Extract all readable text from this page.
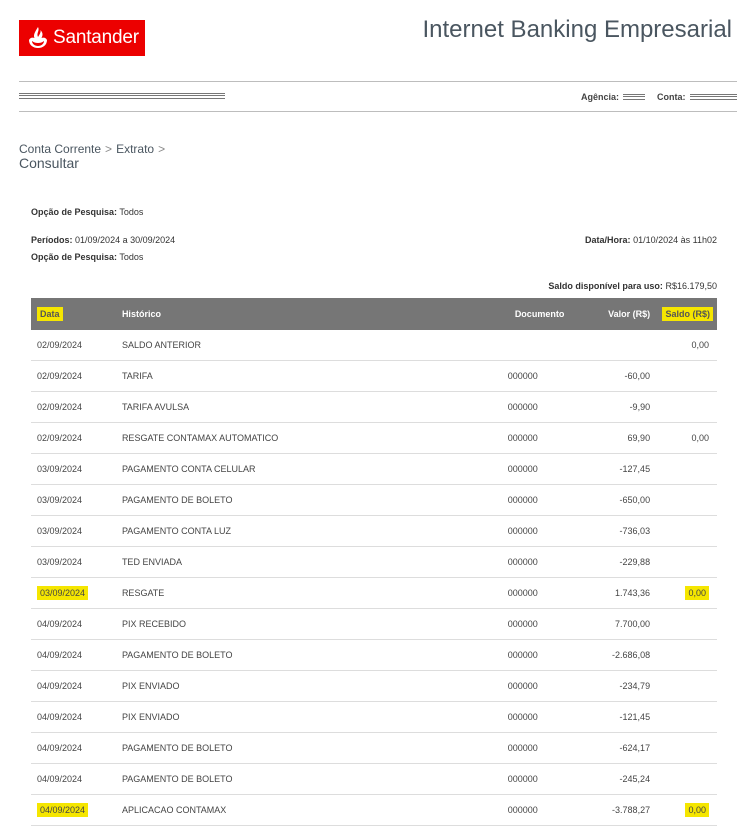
Santander	Internet Banking Empresarial
Agência:	Conta:
Conta Corrente > Extrato >
Consultar
Opção de Pesquisa: Todos
Períodos: 01/09/2024 a 30/09/2024	Data/Hora: 01/10/2024 às 11h02
Opção de Pesquisa: Todos
Saldo disponível para uso: R$16.179,50
Data	Histórico	Documento	Valor (R$)	Saldo (R$)
02/09/2024	SALDO ANTERIOR			0,00
02/09/2024	TARIFA	000000	-60,00	
02/09/2024	TARIFA AVULSA	000000	-9,90	
02/09/2024	RESGATE CONTAMAX AUTOMATICO	000000	69,90	0,00
03/09/2024	PAGAMENTO CONTA CELULAR	000000	-127,45	
03/09/2024	PAGAMENTO DE BOLETO	000000	-650,00	
03/09/2024	PAGAMENTO CONTA LUZ	000000	-736,03	
03/09/2024	TED ENVIADA	000000	-229,88	
03/09/2024	RESGATE	000000	1.743,36	0,00
04/09/2024	PIX RECEBIDO	000000	7.700,00	
04/09/2024	PAGAMENTO DE BOLETO	000000	-2.686,08	
04/09/2024	PIX ENVIADO	000000	-234,79	
04/09/2024	PIX ENVIADO	000000	-121,45	
04/09/2024	PAGAMENTO DE BOLETO	000000	-624,17	
04/09/2024	PAGAMENTO DE BOLETO	000000	-245,24	
04/09/2024	APLICACAO CONTAMAX	000000	-3.788,27	0,00
